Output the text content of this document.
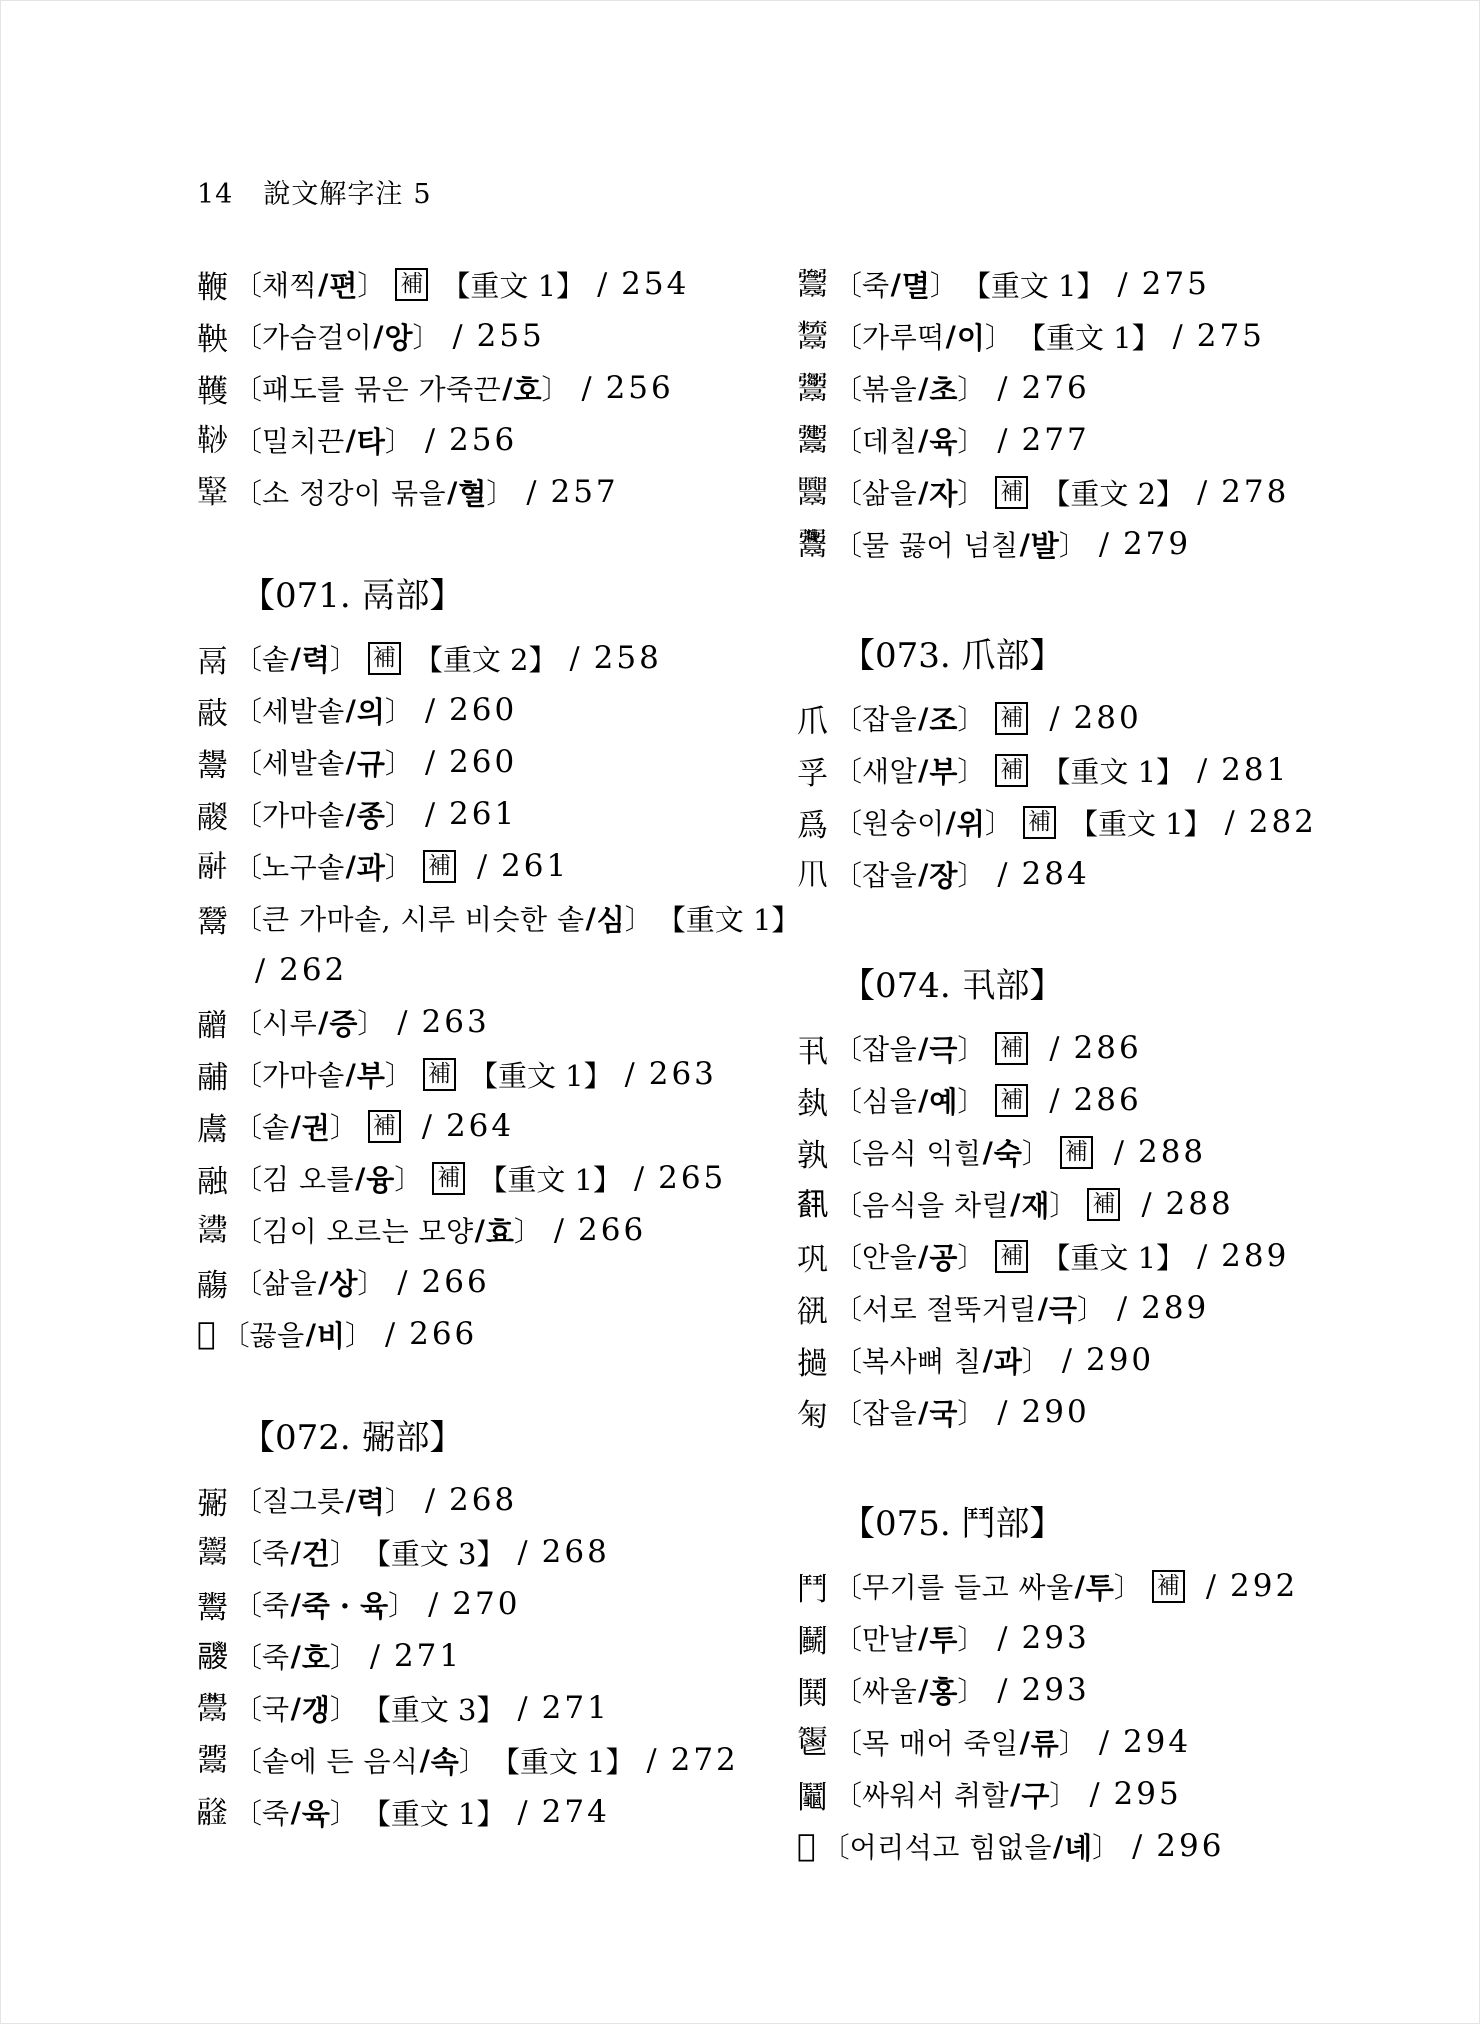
14 說文解字注 5
鞭 〔 채찍 / 편 〕 補 【重文 1】 / 254
鞅 〔 가슴걸이 / 앙 〕 / 255
韄 〔 패도를 묶은 가죽끈 / 호 〕 / 256
𩊮 〔 밀치끈 / 타 〕 / 256
𩋆 〔 소 정강이 묶을 / 혈 〕 / 257
【071. 鬲部】
鬲 〔 솥 / 력 〕 補 【重文 2】 / 258
䰙 〔 세발솥 / 의 〕 / 260
鬹 〔 세발솥 / 규 〕 / 260
鬷 〔 가마솥 / 종 〕 / 261
𩰫 〔 노구솥 / 과 〕 補 / 261
鬵 〔 큰 가마솥, 시루 비슷한 솥 / 심 〕 【重文 1】
/ 262
䰝 〔 시루 / 증 〕 / 263
鬴 〔 가마솥 / 부 〕 補 【重文 1】 / 263
鬳 〔 솥 / 권 〕 補 / 264
融 〔 김 오를 / 융 〕 補 【重文 1】 / 265
𩰾 〔 김이 오르는 모양 / 효 〕 / 266
鬺 〔 삶을 / 상 〕 / 266
𩱀 〔 끓을 / 비 〕 / 266
【072. 䰜部】
䰜 〔 질그릇 / 력 〕 / 268
𩱧 〔 죽 / 건 〕 【重文 3】 / 268
鬻 〔 죽 / 죽 · 육 〕 / 270
𩱛 〔 죽 / 호 〕 / 271
𩱬 〔 국 / 갱 〕 【重文 3】 / 271
𩱓 〔 솥에 든 음식 / 속 〕 【重文 1】 / 272
𩱉 〔 죽 / 육 〕 【重文 1】 / 274
𩱥 〔 죽 / 멸 〕 【重文 1】 / 275
𩱙 〔 가루떡 / 이 〕 【重文 1】 / 275
𩱦 〔 볶을 / 초 〕 / 276
𩱤 〔 데칠 / 육 〕 / 277
𩱴 〔 삶을 / 자 〕 補 【重文 2】 / 278
𩱷 〔 물 끓어 넘칠 / 발 〕 / 279
【073. 爪部】
爪 〔 잡을 / 조 〕 補 / 280
孚 〔 새알 / 부 〕 補 【重文 1】 / 281
爲 〔 원숭이 / 위 〕 補 【重文 1】 / 282
𤓯 〔 잡을 / 장 〕 / 284
【074. 丮部】
丮 〔 잡을 / 극 〕 補 / 286
埶 〔 심을 / 예 〕 補 / 286
孰 〔 음식 익힐 / 숙 〕 補 / 288
𩛥 〔 음식을 차릴 / 재 〕 補 / 288
巩 〔 안을 / 공 〕 補 【重文 1】 / 289
谻 〔 서로 절뚝거릴 / 극 〕 / 289
撾 〔 복사뼈 칠 / 과 〕 / 290
匊 〔 잡을 / 국 〕 / 290
【075. 鬥部】
鬥 〔 무기를 들고 싸울 / 투 〕 補 / 292
鬭 〔 만날 / 투 〕 / 293
鬨 〔 싸울 / 홍 〕 / 293
𩰤 〔 목 매어 죽일 / 류 〕 / 294
鬮 〔 싸워서 취할 / 구 〕 / 295
𩰘 〔 어리석고 힘없을 / 녜 〕 / 296
